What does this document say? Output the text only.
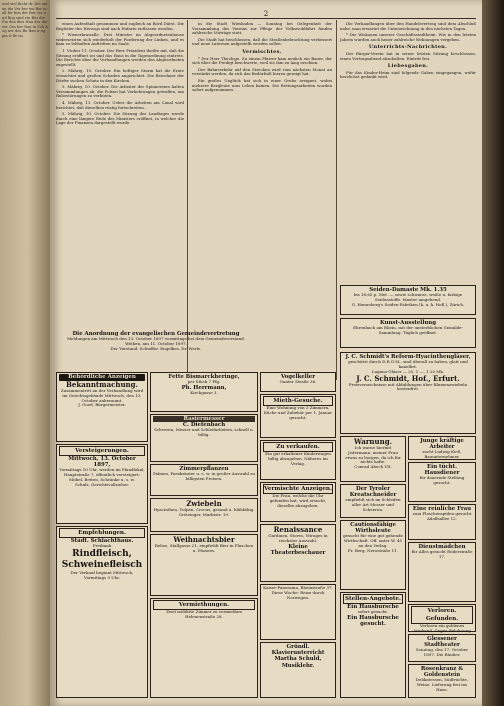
und stel Bicht dr. Die ant im die Ver ber tes Ber in all fer ben der Ber ver und Bog sind ein Bur die Fin den dies Hau der die ver Ges ber Rau in Sch Aug ner des Bu Ban ir ng pm it fle on
2

einen Aufenthalt genommen und zugleich an Bord Dürst. Die Begleiter des Herzogs sind nach Hofarte entlassen worden.

* Wienerkrawalle. Drei Minister im Abgeordnetenhause widersetzten sich wiederholt der Forderung der Linken, und es kam zu lebhaften Auftritten im Saale.

1. Vtober 11. October. Der Herr Präsident theilte mit, daß die Sitzung eröffnet sei und das Haus in die Tagesordnung eintrete. Die Berichte über die Verhandlungen werden den Abgeordneten zugestellt.

2. Mährig, 10. October. Ein heftiger Sturm hat die Ernte vernichtet und großen Schaden angerichtet. Die Bewohner der Dörfer suchen Schutz in den Kirchen.

3. Mährig, 10. October. Die Arbeiter der Spinnereien halten Versammlungen ab; die Polizei hat Vorkehrungen getroffen, um Ruhestörungen zu verhüten.

4. Mährig, 11. October. Ueber die Arbeiten am Canal wird berichtet, daß dieselben rüstig fortschreiten.

5. Mährig, 10. October. Die Sitzung des Landtages wurde durch eine längere Rede des Ministers eröffnet, in welcher die Lage der Finanzen dargestellt wurde.

in die Stadt Wiesbaden — Sonntag bei Gelegenheit der Versammlung des Vereins zur Pflege der Volkswohlfahrt fanden zahlreiche Vorträge statt.

Die Stadt hat beschlossen, daß die Straßenbeleuchtung verbessert und neue Laternen aufgestellt werden sollen.

Vermischtes.

* Der Herr Theologe. Zu einem Pfarrer kam neulich ein Bauer, der sich über die Predigt beschwerte, weil sie ihm zu lang erschien.

Der Bahnverkehr auf den Strecken wird vom nächsten Monat an verstärkt werden, da sich das Bedürfniß hierzu gezeigt hat.

Ein großes Unglück hat sich in einer Grube ereignet, wobei mehrere Bergleute ums Leben kamen. Die Rettungsarbeiten wurden sofort aufgenommen.

Die Verhandlungen über den Handelsvertrag sind dem Abschluß nahe; man erwartet die Unterzeichnung in den nächsten Tagen.

* Die Wiskonen unserer Geschäftsstadtheim. Wie in den letzten Jahren wurden auch heuer zahlreiche Wohnungen vergeben.

Unterrichts-Nachrichten.

Der Bürger-Verein hat in seiner letzten Sitzung beschlossen, einen Vortragsabend abzuhalten. Eintritt frei.

Liebesgaben.

Für das Kinder-Heim sind folgende Gaben eingegangen, wofür herzlichst gedankt wird.

Seiden-Damaste Mk. 1.35
bis 18.65 p. Met. — sowie schwarze, weiße u. farbige Seidenstoffe. Muster umgehend.
G. Henneberg's Seiden-Fabriken (k. u. k. Hofl.), Zürich.
Kunst-Ausstellung
Ehrenbach am Rhein, mit der unsterblichen Gemälde-Sammlung. Täglich geöffnet.
Die Anordnung der evangelischen Gemeindevertretung
Meldungen am Mittwoch den 13. October 1897 vormittags bei dem Gemeindevorstand.
Weihen, am 11. October 1897.
Der Vorstand. Schieffer. Engelkes. Dr. Werle.
Behördliche Anzeigen
Bekanntmachung.
Zusammentritt an der Verhandlung wird im Gerichtsgebäude Mittwoch, den 13. October anberaumt.
J. Goed, Bürgermeister.
Versteigerungen.
Mittwoch, 13. October 1897,
Vormittags 10 Uhr, werden im Pfandlokal, Hauptstraße 7, öffentlich versteigert: Möbel, Betten, Schränke u. s. w.
Schulz, Gerichtsvollzieher.
Empfehlungen.
Städt. Schlachthaus.
Freibank
Rindfleisch,
Schweinefleisch
Der Verkauf beginnt Mittwoch, Vormittags 9 Uhr.
Fette Bismarckheringe,
per Stück 7 Pfg.
Ph. Herrmann,
Kirchgasse 3.
Rasiermesser
C. Diefenbach
Scheeren, Messer und Schleifarbeiten, schnell u. billig.
Zimmerpflanzen
Palmen, Farnkräuter u. s. w. in großer Auswahl zu billigsten Preisen.
Zwiebeln
Hyacinthen, Tulpen, Crocus, gesund u. blühfähig. Grötzinger, Marktstr. 19.
Weihnachtsbier
Rehse, Stallgasse 21, empfiehlt Bier in Flaschen u. Fässern.
Vermiethungen.
Zwei möblirte Zimmer zu vermiethen Helenenstraße 28.
Vogelkeller
Gunter Straße 36.
Mieth-Gesuche.
Eine Wohnung von 3 Zimmern, Küche und Zubehör per 1. Januar gesucht.
Zu verkaufen.
Ein gut erhaltener Kinderwagen billig abzugeben. Näheres im Verlag.
Vermischte Anzeigen.
Die Frau, welche die Uhr gefunden hat, wird ersucht, dieselbe abzugeben.
Renaissance
Gardinen, Stores, Vitrages in reichster Auswahl.
Kleine Theaterbeschauer
Kaiser-Panorama, Rheinstraße 37. Diese Woche: Reise durch Norwegen.
Gründl. Klavierunterricht
Martha Schuld, Musiklehr.
J. C. Schmidt's Reform-Hyacinthengläser,
geschützt durch D.R.G.M., sind überall zu haben, glatt und kanellirt.
Lugano-Gläser — 25, 1 —, 1.20 Mk.
J. C. Schmidt, Hof., Erfurt.
Preisverzeichnisse mit Abbildungen über Blumenzwiebeln kostenfrei.
Warnung.
Ich warne hiermit Jedermann, meiner Frau etwas zu borgen, da ich für nichts hafte.
Conrad Ahoch VII.
Der Tyroler
Kreatschneider
empfiehlt sich im Schleifen aller Art Messer und Scheeren.
Cautionsfähige
Wirthsleute
gesucht für eine gut gehende Wirthschaft. Off. unter W. 45 an den Verlag.
Fr. Berg, Nerostraße 11.
Stellen-Angebote.
Ein Hausbursche
sofort gesucht.
Ein Hausbursche gesucht.
Junge kräftige Arbeiter
sucht Ludwig Kieß, Bauunternehmer.
Ein tücht. Hausdiener
für dauernde Stellung gesucht.
Eine reinliche Frau
zum Flaschenspülen gesucht Adolfsallee 12.
Dienstmädchen
für Alles gesucht Röderstraße 17.
Verloren. Gefunden.
Verloren ein goldenes Armband. Gegen Belohnung
Glessener Stadtheater
Sonntag, den 17. October 1897: Die Räuber.
Rosenkranz & Goldenstein
Delikatessen, Südfrüchte, Weine. Lieferung frei ins Haus.
